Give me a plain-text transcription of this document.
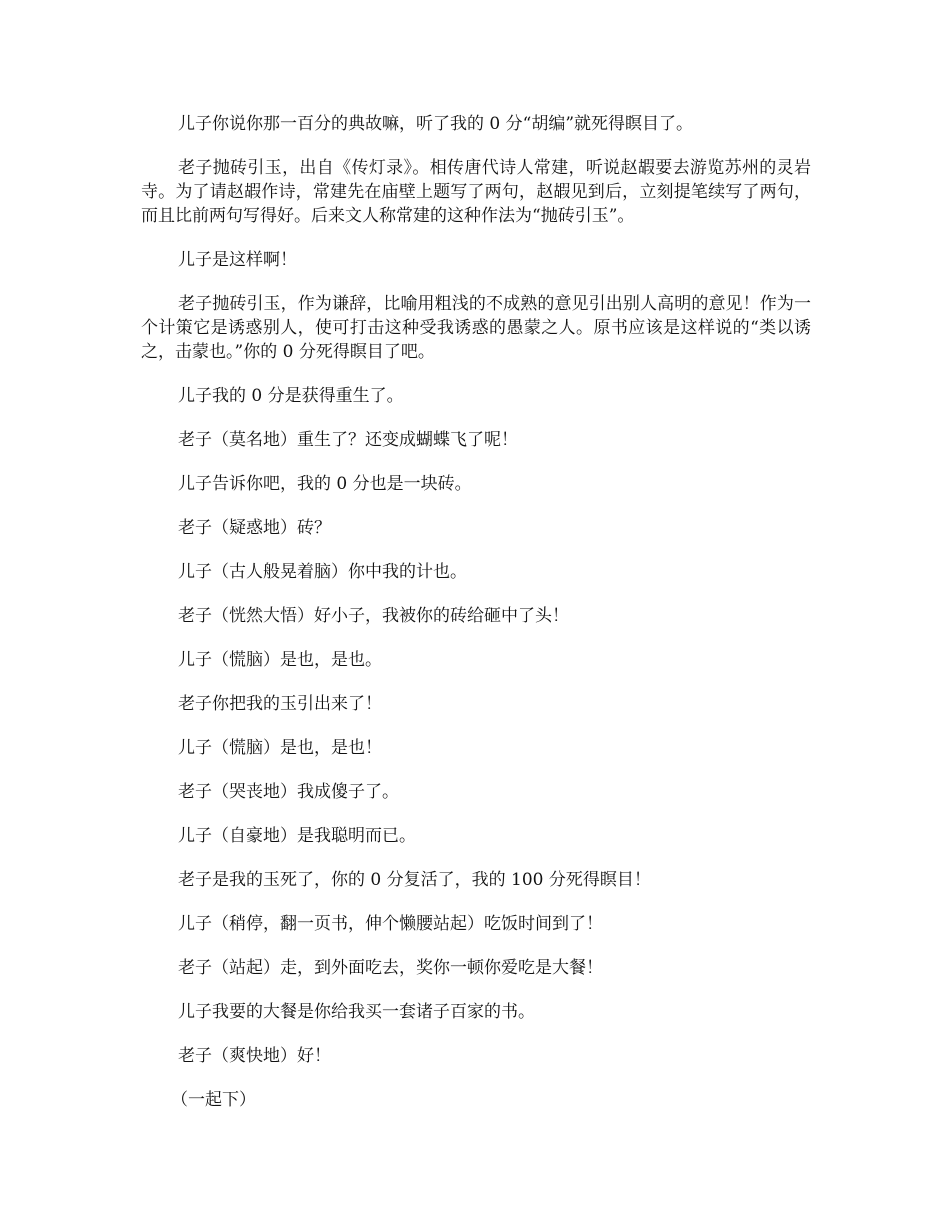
儿子你说你那一百分的典故嘛，听了我的 0 分“胡编”就死得瞑目了。

老子抛砖引玉，出自《传灯录》。相传唐代诗人常建，听说赵嘏要去游览苏州的灵岩寺。为了请赵嘏作诗，常建先在庙壁上题写了两句，赵嘏见到后，立刻提笔续写了两句，而且比前两句写得好。后来文人称常建的这种作法为“抛砖引玉”。

儿子是这样啊！

老子抛砖引玉，作为谦辞，比喻用粗浅的不成熟的意见引出别人高明的意见！作为一个计策它是诱惑别人，使可打击这种受我诱惑的愚蒙之人。原书应该是这样说的“类以诱之，击蒙也。”你的 0 分死得瞑目了吧。

儿子我的 0 分是获得重生了。

老子（莫名地）重生了？还变成蝴蝶飞了呢！

儿子告诉你吧，我的 0 分也是一块砖。

老子（疑惑地）砖？

儿子（古人般晃着脑）你中我的计也。

老子（恍然大悟）好小子，我被你的砖给砸中了头！

儿子（慌脑）是也，是也。

老子你把我的玉引出来了！

儿子（慌脑）是也，是也！

老子（哭丧地）我成傻子了。

儿子（自豪地）是我聪明而已。

老子是我的玉死了，你的 0 分复活了，我的 100 分死得瞑目！

儿子（稍停，翻一页书，伸个懒腰站起）吃饭时间到了！

老子（站起）走，到外面吃去，奖你一顿你爱吃是大餐！

儿子我要的大餐是你给我买一套诸子百家的书。

老子（爽快地）好！

（一起下）
